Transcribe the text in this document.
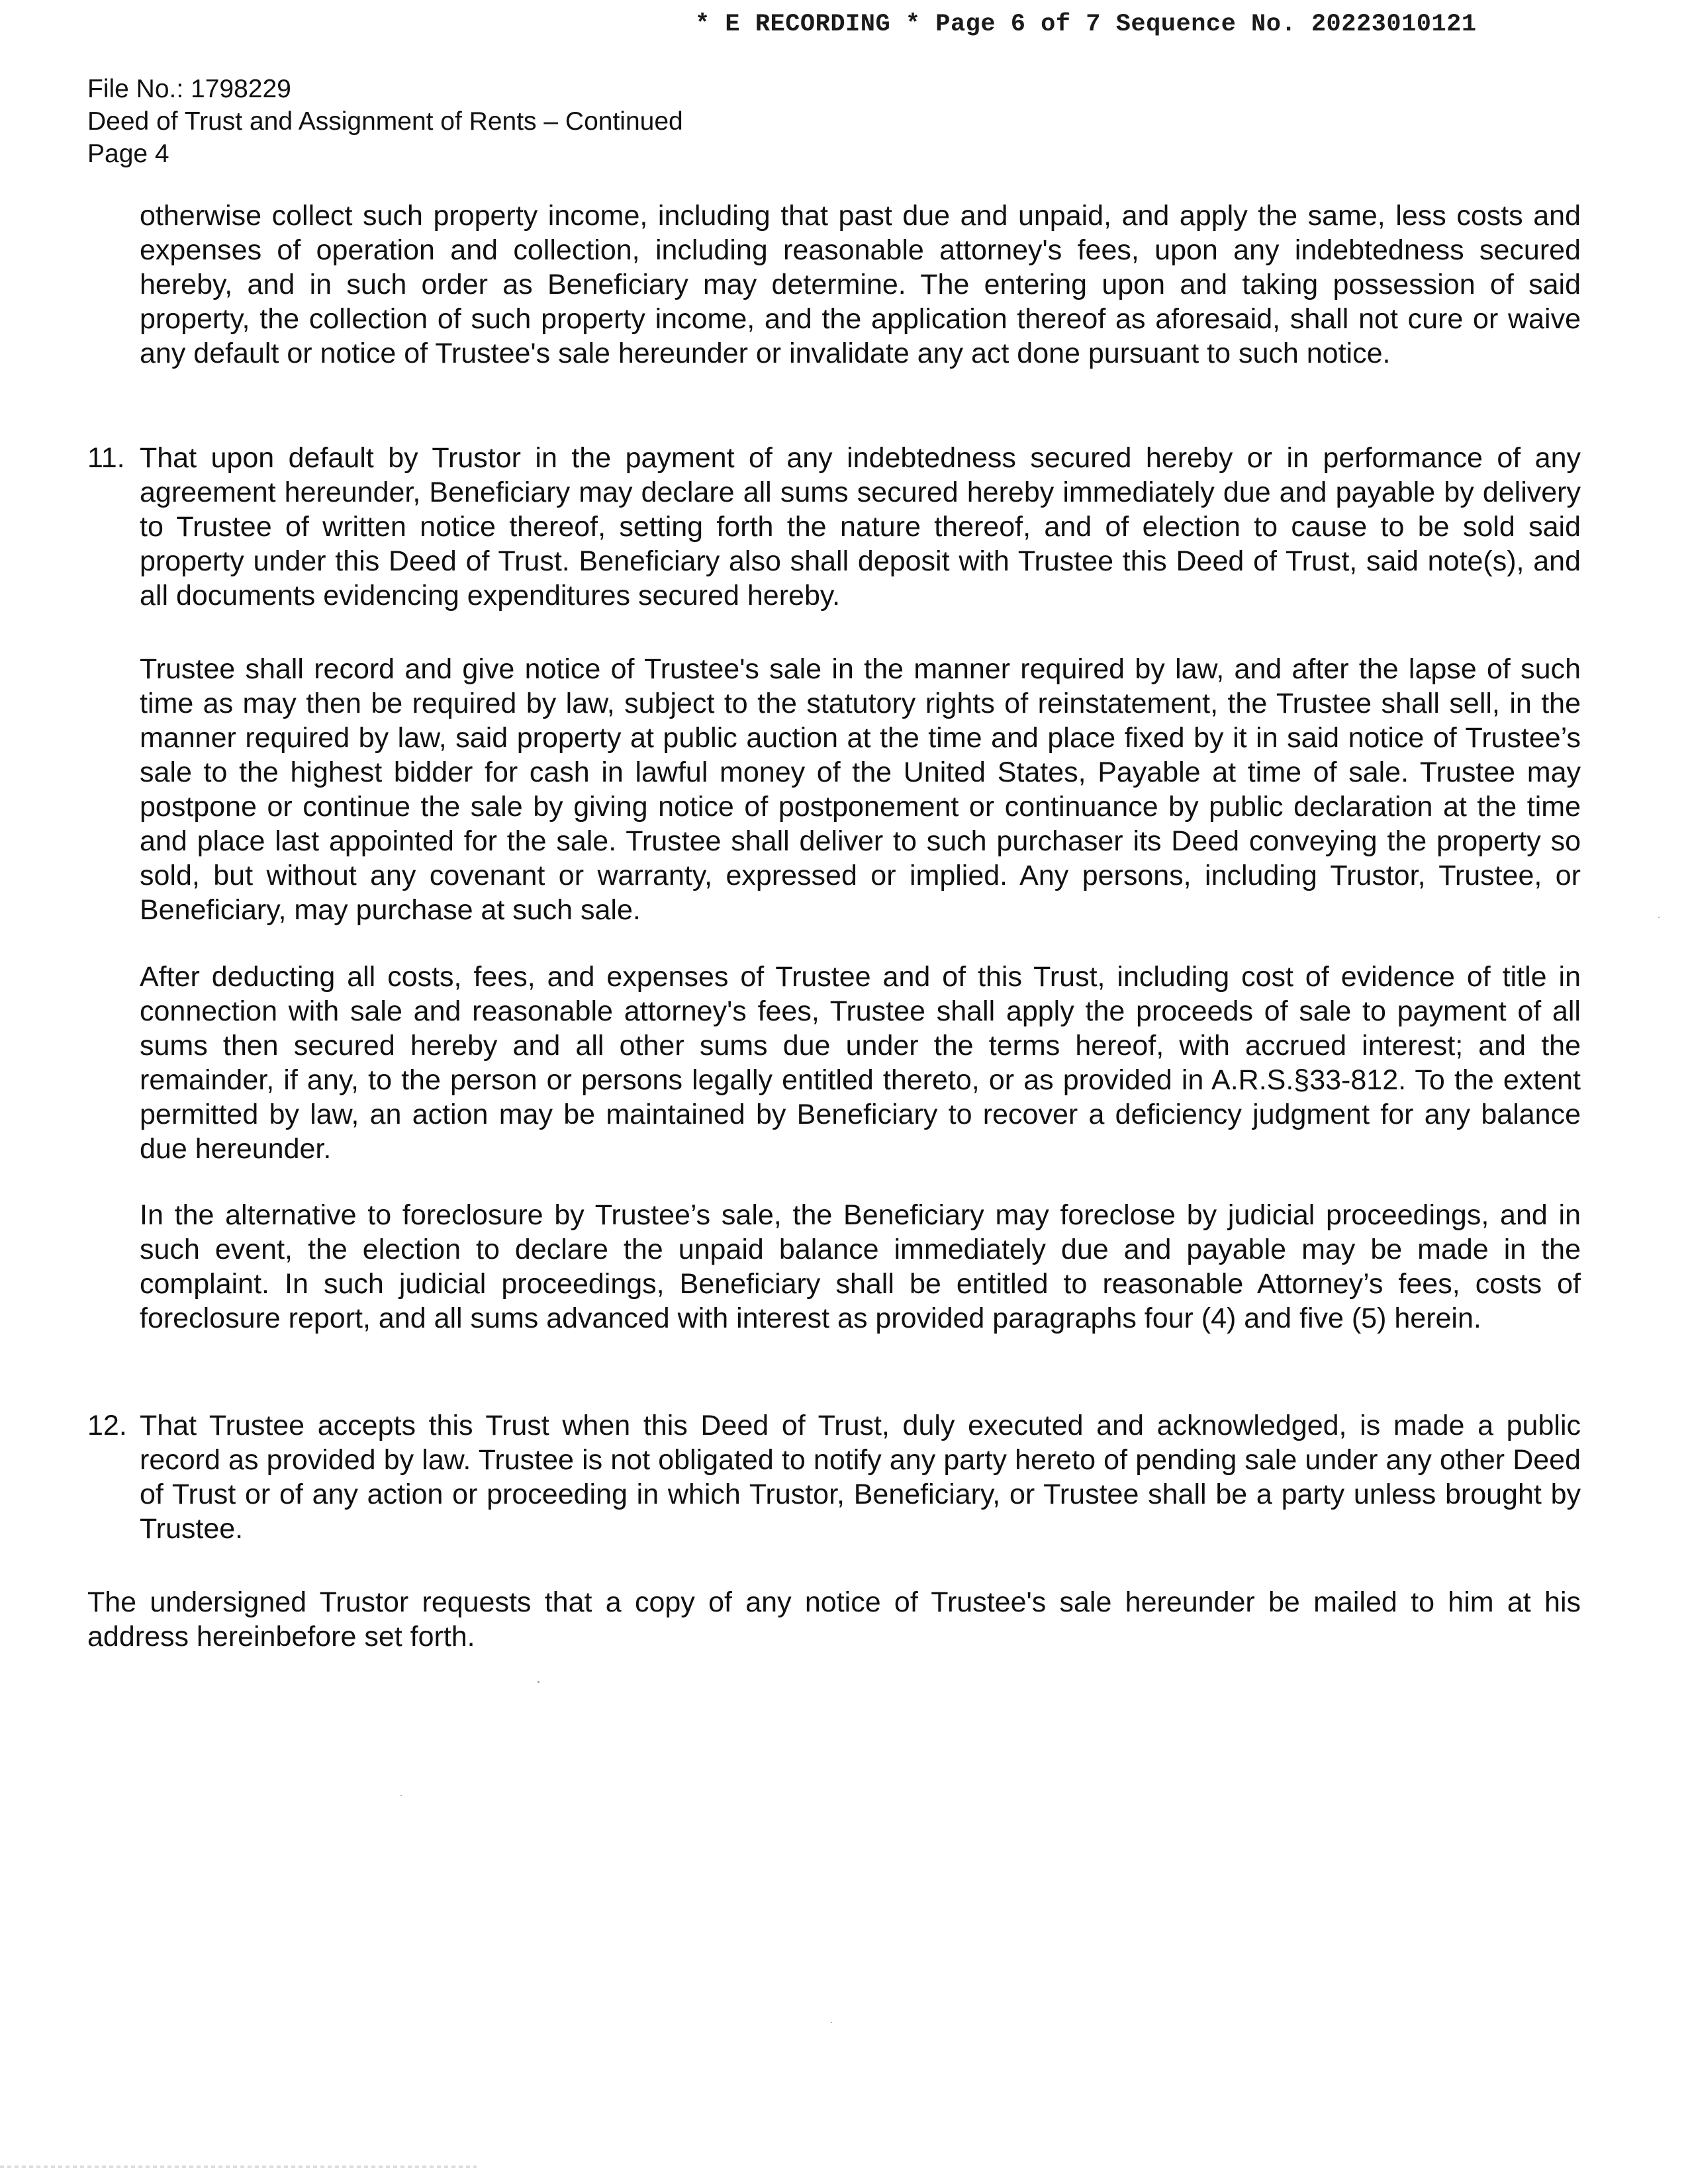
* E RECORDING * Page 6 of 7 Sequence No. 20223010121
File No.: 1798229
Deed of Trust and Assignment of Rents – Continued
Page 4

otherwise collect such property income, including that past due and unpaid, and apply the same, less costs and expenses of operation and collection, including reasonable attorney's fees, upon any indebtedness secured hereby, and in such order as Beneficiary may determine. The entering upon and taking possession of said property, the collection of such property income, and the application thereof as aforesaid, shall not cure or waive any default or notice of Trustee's sale hereunder or invalidate any act done pursuant to such notice.

11. That upon default by Trustor in the payment of any indebtedness secured hereby or in performance of any agreement hereunder, Beneficiary may declare all sums secured hereby immediately due and payable by delivery to Trustee of written notice thereof, setting forth the nature thereof, and of election to cause to be sold said property under this Deed of Trust. Beneficiary also shall deposit with Trustee this Deed of Trust, said note(s), and all documents evidencing expenditures secured hereby.

Trustee shall record and give notice of Trustee's sale in the manner required by law, and after the lapse of such time as may then be required by law, subject to the statutory rights of reinstatement, the Trustee shall sell, in the manner required by law, said property at public auction at the time and place fixed by it in said notice of Trustee’s sale to the highest bidder for cash in lawful money of the United States, Payable at time of sale. Trustee may postpone or continue the sale by giving notice of postponement or continuance by public declaration at the time and place last appointed for the sale. Trustee shall deliver to such purchaser its Deed conveying the property so sold, but without any covenant or warranty, expressed or implied. Any persons, including Trustor, Trustee, or Beneficiary, may purchase at such sale.

After deducting all costs, fees, and expenses of Trustee and of this Trust, including cost of evidence of title in connection with sale and reasonable attorney's fees, Trustee shall apply the proceeds of sale to payment of all sums then secured hereby and all other sums due under the terms hereof, with accrued interest; and the remainder, if any, to the person or persons legally entitled thereto, or as provided in A.R.S.§33-812. To the extent permitted by law, an action may be maintained by Beneficiary to recover a deficiency judgment for any balance due hereunder.

In the alternative to foreclosure by Trustee’s sale, the Beneficiary may foreclose by judicial proceedings, and in such event, the election to declare the unpaid balance immediately due and payable may be made in the complaint. In such judicial proceedings, Beneficiary shall be entitled to reasonable Attorney’s fees, costs of foreclosure report, and all sums advanced with interest as provided paragraphs four (4) and five (5) herein.

12. That Trustee accepts this Trust when this Deed of Trust, duly executed and acknowledged, is made a public record as provided by law. Trustee is not obligated to notify any party hereto of pending sale under any other Deed of Trust or of any action or proceeding in which Trustor, Beneficiary, or Trustee shall be a party unless brought by Trustee.

The undersigned Trustor requests that a copy of any notice of Trustee's sale hereunder be mailed to him at his address hereinbefore set forth.
